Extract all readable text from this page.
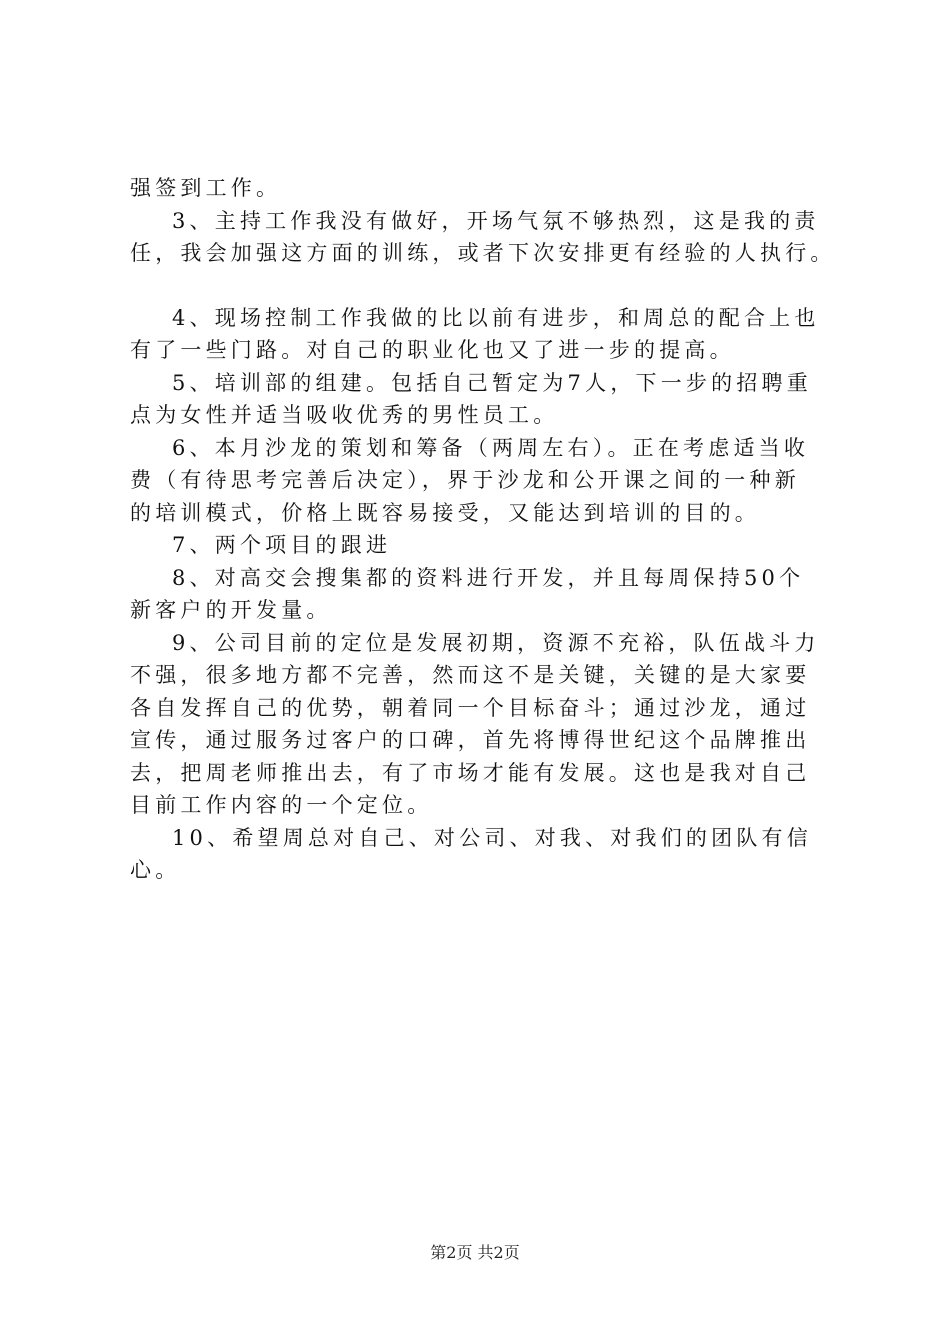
强签到工作。
3、主持工作我没有做好，开场气氛不够热烈，这是我的责
任，我会加强这方面的训练，或者下次安排更有经验的人执行。
4、现场控制工作我做的比以前有进步，和周总的配合上也
有了一些门路。对自己的职业化也又了进一步的提高。
5、培训部的组建。包括自己暂定为7人，下一步的招聘重
点为女性并适当吸收优秀的男性员工。
6、本月沙龙的策划和筹备（两周左右）。正在考虑适当收
费（有待思考完善后决定），界于沙龙和公开课之间的一种新
的培训模式，价格上既容易接受，又能达到培训的目的。
7、两个项目的跟进
8、对高交会搜集都的资料进行开发，并且每周保持50个
新客户的开发量。
9、公司目前的定位是发展初期，资源不充裕，队伍战斗力
不强，很多地方都不完善，然而这不是关键，关键的是大家要
各自发挥自己的优势，朝着同一个目标奋斗；通过沙龙，通过
宣传，通过服务过客户的口碑，首先将博得世纪这个品牌推出
去，把周老师推出去，有了市场才能有发展。这也是我对自己
目前工作内容的一个定位。
10、希望周总对自己、对公司、对我、对我们的团队有信
心。
第2页 共2页
